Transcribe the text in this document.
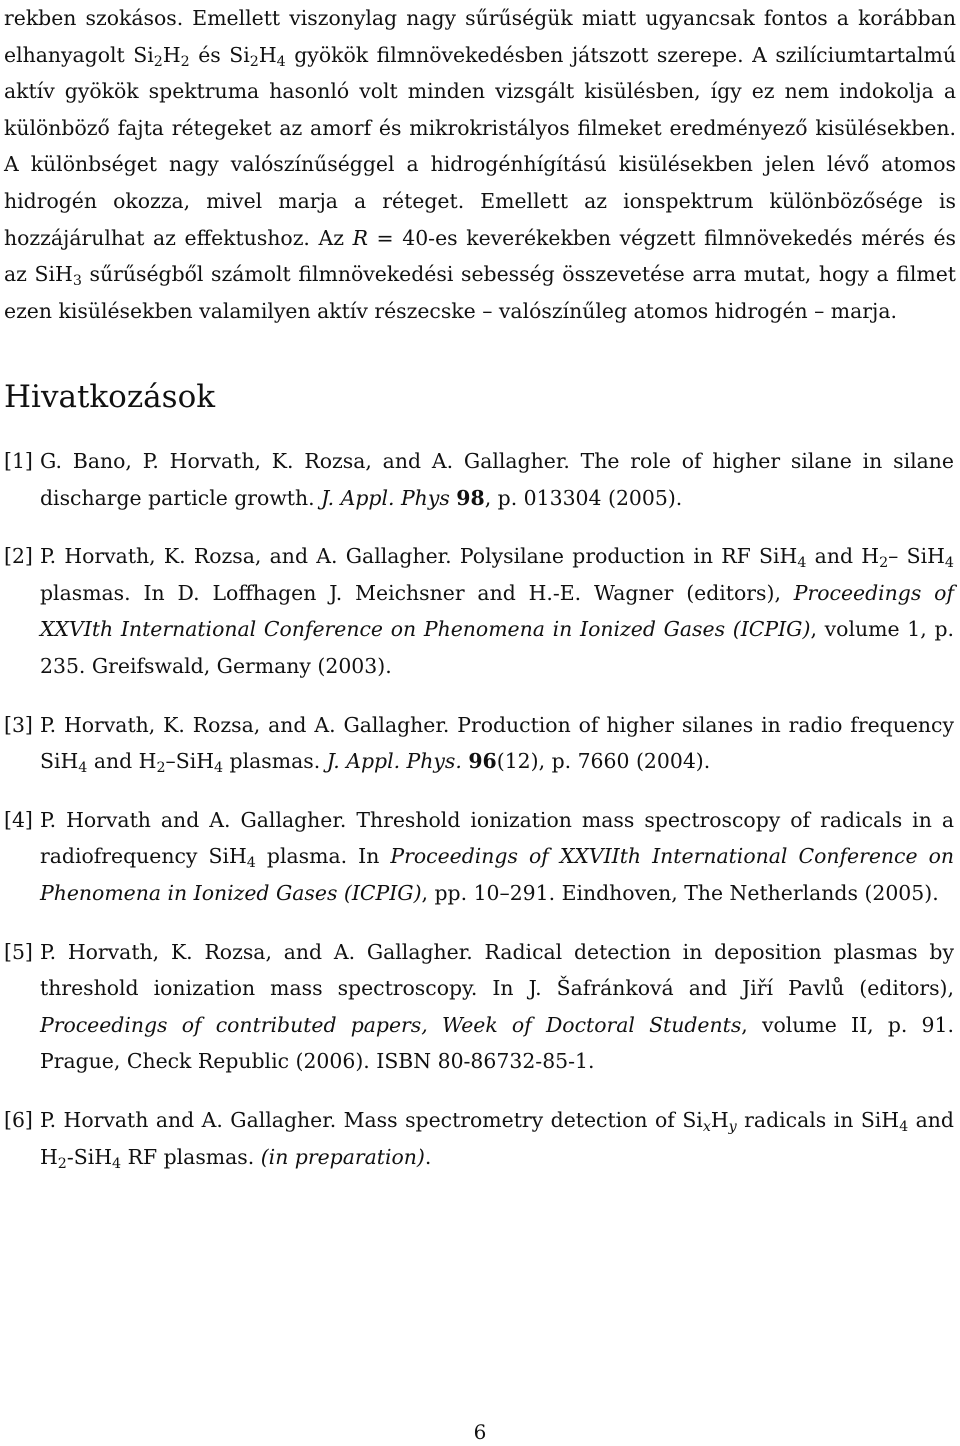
rekben szokásos. Emellett viszonylag nagy sűrűségük miatt ugyancsak fontos a korábban elhanyagolt $Si_2H_2$ és $Si_2H_4$ gyökök filmnövekedésben játszott szerepe. A szilíciumtartalmú aktív gyökök spektruma hasonló volt minden vizsgált kisülésben, így ez nem indokolja a különböző fajta rétegeket az amorf és mikrokristályos filmeket eredményező kisülésekben. A különbséget nagy valószínűséggel a hidrogénhígítású kisülésekben jelen lévő atomos hidrogén okozza, mivel marja a réteget. Emellett az ionspektrum különbözősége is hozzájárulhat az effektushoz. Az R = 40-es keverékekben végzett filmnövekedés mérés és az SiH$_3$ sűrűségből számolt filmnövekedési sebesség összevetése arra mutat, hogy a filmet ezen kisülésekben valamilyen aktív részecske – valószínűleg atomos hidrogén – marja.
Hivatkozások
[1] G. Bano, P. Horvath, K. Rozsa, and A. Gallagher. The role of higher silane in silane discharge particle growth. J. Appl. Phys 98, p. 013304 (2005).
[2] P. Horvath, K. Rozsa, and A. Gallagher. Polysilane production in RF SiH$_4$ and $H_2-$ SiH$_4$ plasmas. In D. Loffhagen J. Meichsner and H.-E. Wagner (editors), Proceedings of XXVIth International Conference on Phenomena in Ionized Gases (ICPIG), volume 1, p. 235. Greifswald, Germany (2003).
[3] P. Horvath, K. Rozsa, and A. Gallagher. Production of higher silanes in radio frequency SiH$_4$ and $H_2-SiH_4$ plasmas. J. Appl. Phys. 96(12), p. 7660 (2004).
[4] P. Horvath and A. Gallagher. Threshold ionization mass spectroscopy of radicals in a radiofrequency SiH$_4$ plasma. In Proceedings of XXVIIth International Conference on Phenomena in Ionized Gases (ICPIG), pp. 10–291. Eindhoven, The Netherlands (2005).
[5] P. Horvath, K. Rozsa, and A. Gallagher. Radical detection in deposition plasmas by threshold ionization mass spectroscopy. In J. Šafránková and Jiří Pavlů (editors), Proceedings of contributed papers, Week of Doctoral Students, volume II, p. 91. Prague, Check Republic (2006). ISBN 80-86732-85-1.
[6] P. Horvath and A. Gallagher. Mass spectrometry detection of $Si_xH_y$ radicals in SiH$_4$ and $H_2-SiH_4$ RF plasmas. (in preparation).
6
